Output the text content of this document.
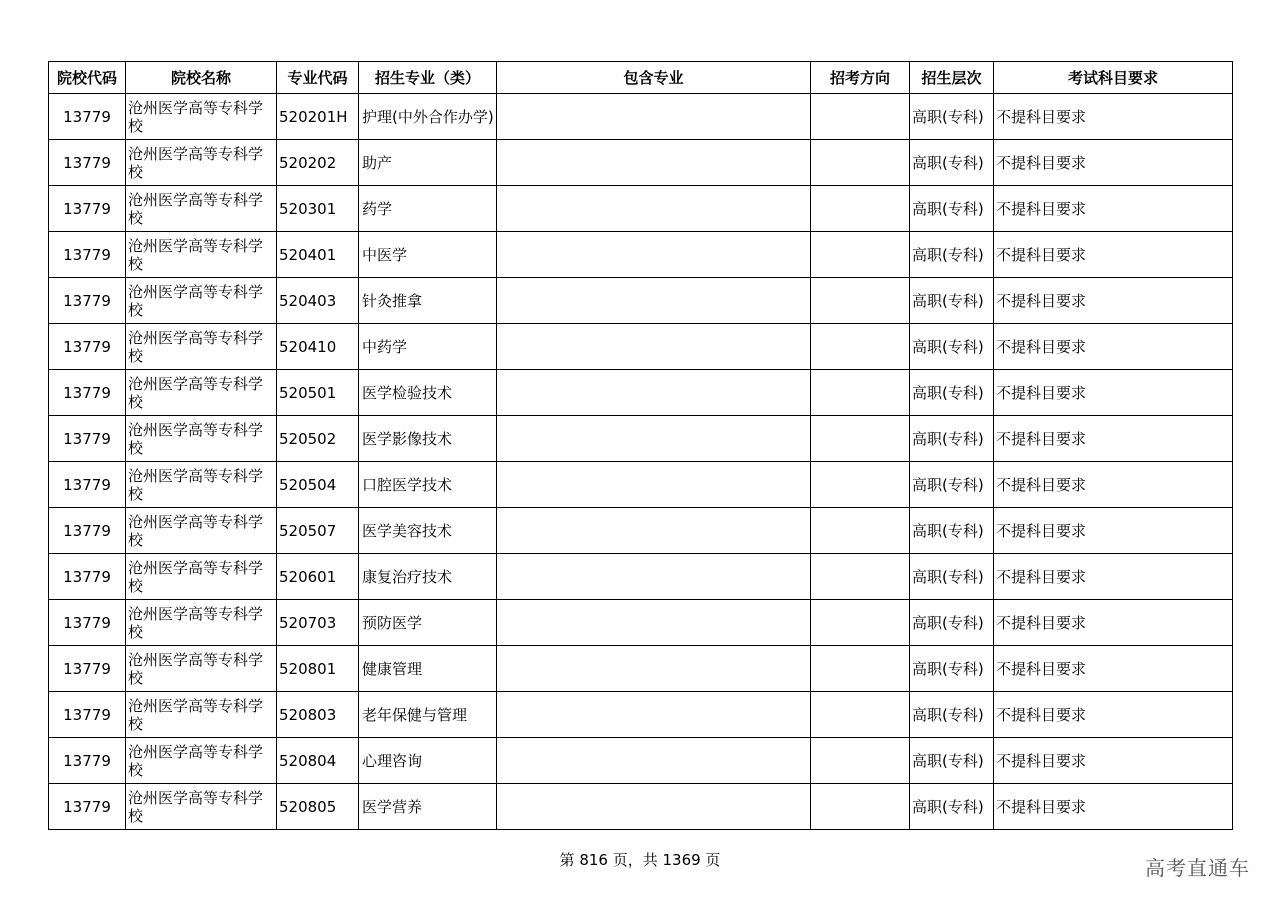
院校代码	院校名称	专业代码	招生专业（类）	包含专业	招考方向	招生层次	考试科目要求
13779	沧州医学高等专科学校	520201H	护理(中外合作办学)			高职(专科)	不提科目要求
13779	沧州医学高等专科学校	520202	助产			高职(专科)	不提科目要求
13779	沧州医学高等专科学校	520301	药学			高职(专科)	不提科目要求
13779	沧州医学高等专科学校	520401	中医学			高职(专科)	不提科目要求
13779	沧州医学高等专科学校	520403	针灸推拿			高职(专科)	不提科目要求
13779	沧州医学高等专科学校	520410	中药学			高职(专科)	不提科目要求
13779	沧州医学高等专科学校	520501	医学检验技术			高职(专科)	不提科目要求
13779	沧州医学高等专科学校	520502	医学影像技术			高职(专科)	不提科目要求
13779	沧州医学高等专科学校	520504	口腔医学技术			高职(专科)	不提科目要求
13779	沧州医学高等专科学校	520507	医学美容技术			高职(专科)	不提科目要求
13779	沧州医学高等专科学校	520601	康复治疗技术			高职(专科)	不提科目要求
13779	沧州医学高等专科学校	520703	预防医学			高职(专科)	不提科目要求
13779	沧州医学高等专科学校	520801	健康管理			高职(专科)	不提科目要求
13779	沧州医学高等专科学校	520803	老年保健与管理			高职(专科)	不提科目要求
13779	沧州医学高等专科学校	520804	心理咨询			高职(专科)	不提科目要求
13779	沧州医学高等专科学校	520805	医学营养			高职(专科)	不提科目要求
第 816 页，共 1369 页	高考直通车
